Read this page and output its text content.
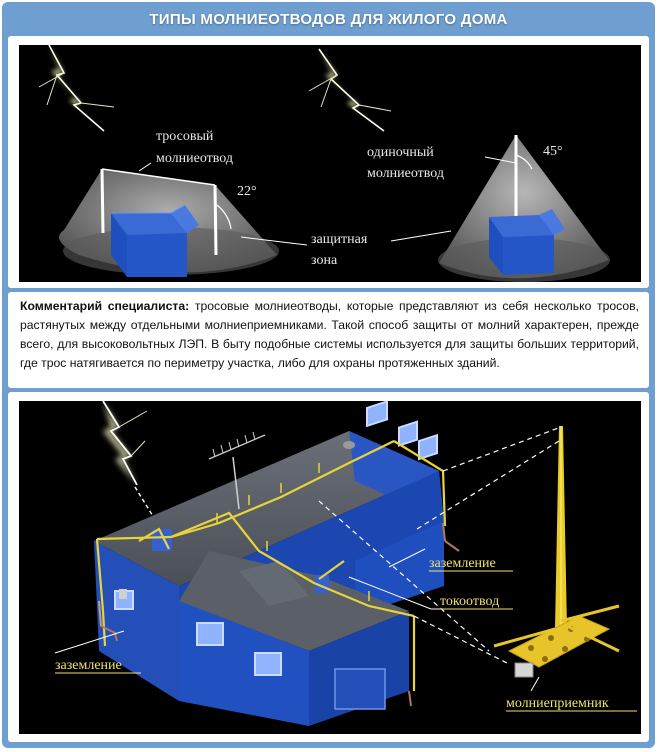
ТИПЫ МОЛНИЕОТВОДОВ ДЛЯ ЖИЛОГО ДОМА
22°
тросовый
молниеотвод	45°
одиночный
молниеотвод
защитная
зона

Комментарий специалиста: тросовые молниеотводы, которые представляют из себя несколько тросов, растянутых между отдельными молниеприемниками. Такой способ защиты от молний характерен, прежде всего, для высоковольтных ЛЭП. В быту подобные системы используется для защиты больших территорий, где трос натягивается по периметру участка, либо для охраны протяженных зданий.

заземление
токоотвод
заземление
молниеприемник
